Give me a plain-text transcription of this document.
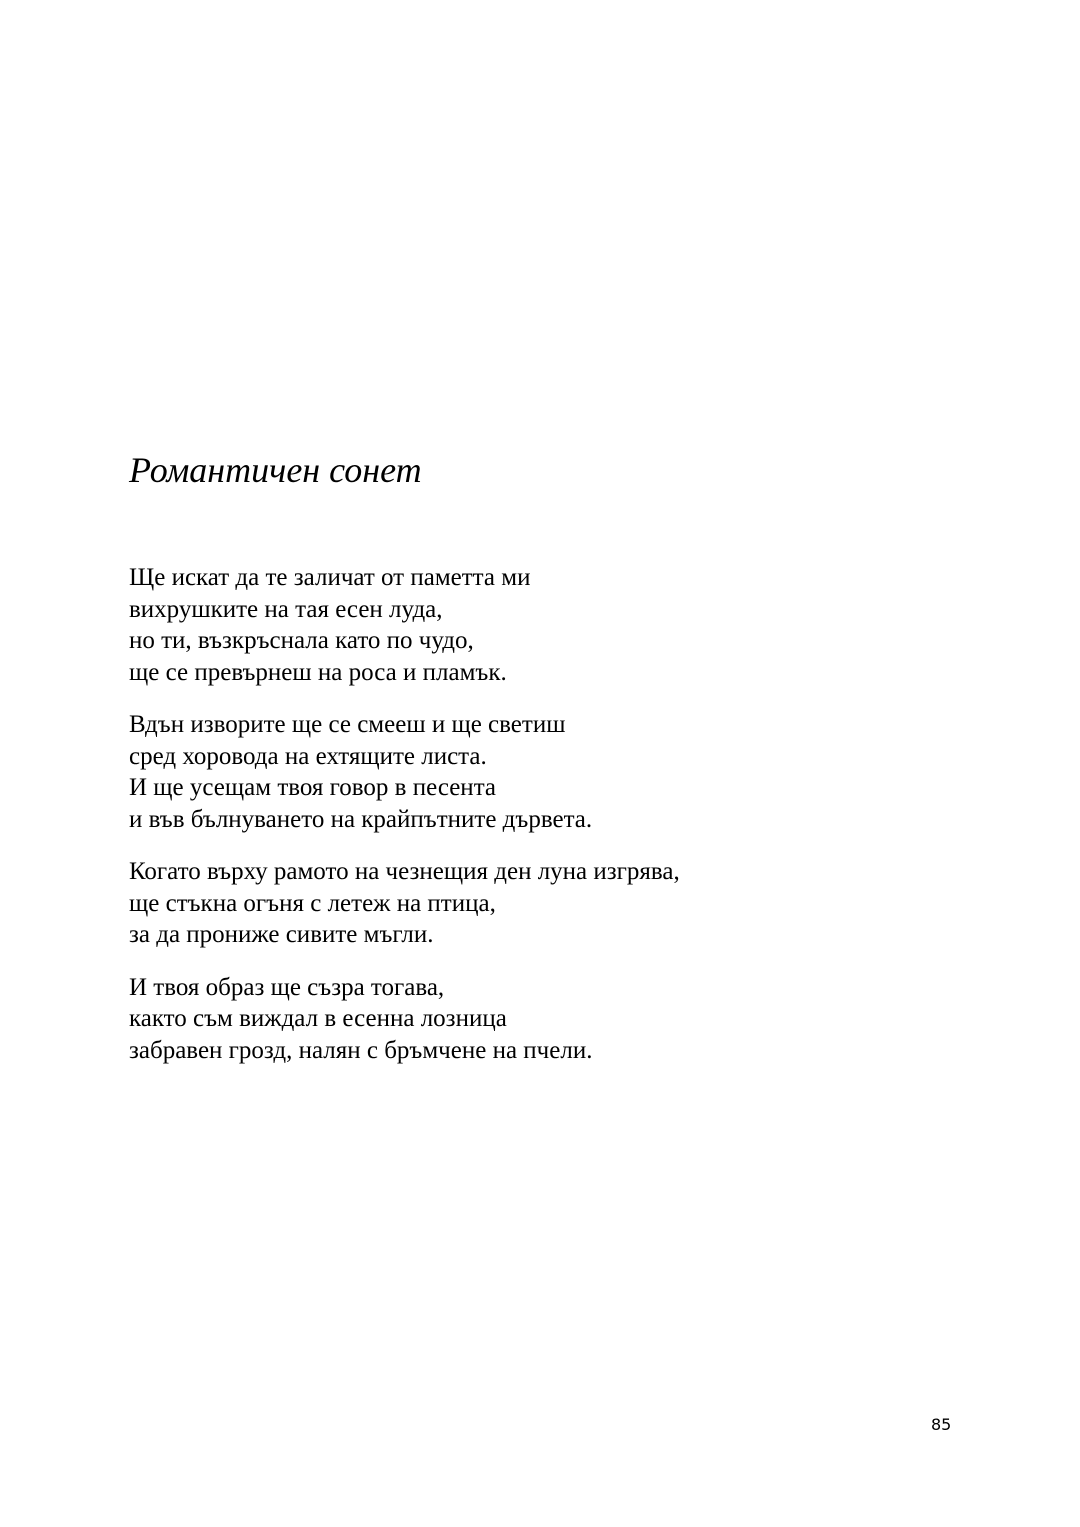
Романтичен сонет

Ще искат да те заличат от паметта ми
вихрушките на тая есен луда,
но ти, възкръснала като по чудо,
ще се превърнеш на роса и пламък.

Вдън изворите ще се смееш и ще светиш
сред хоровода на ехтящите листа.
И ще усещам твоя говор в песента
и във бълнуването на крайпътните дървета.

Когато върху рамото на чезнещия ден луна изгрява,
ще стъкна огъня с летеж на птица,
за да прониже сивите мъгли.

И твоя образ ще съзра тогава,
както съм виждал в есенна лозница
забравен грозд, налян с бръмчене на пчели.

85
